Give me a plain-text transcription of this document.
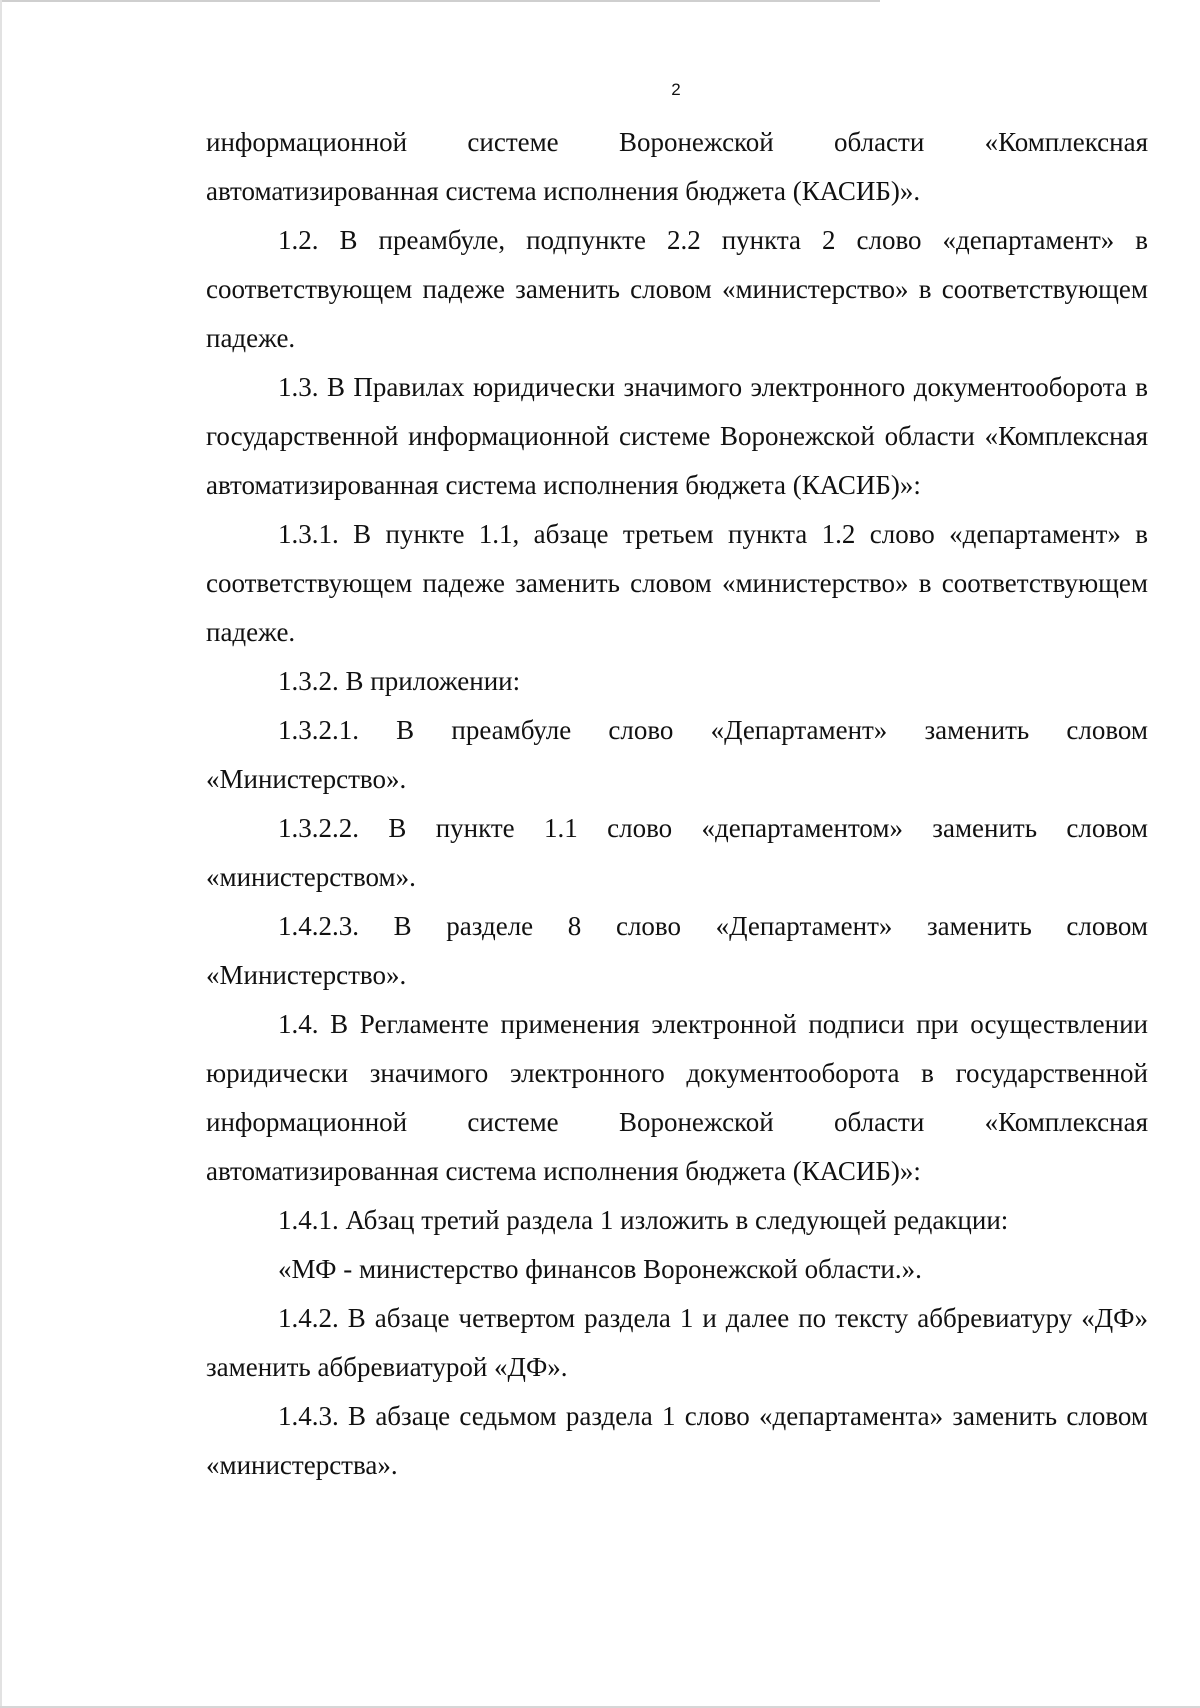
2

информационной системе Воронежской области «Комплексная автоматизированная система исполнения бюджета (КАСИБ)».

1.2. В преамбуле, подпункте 2.2 пункта 2 слово «департамент» в соответствующем падеже заменить словом «министерство» в соответствующем падеже.

1.3. В Правилах юридически значимого электронного документооборота в государственной информационной системе Воронежской области «Комплексная автоматизированная система исполнения бюджета (КАСИБ)»:

1.3.1. В пункте 1.1, абзаце третьем пункта 1.2 слово «департамент» в соответствующем падеже заменить словом «министерство» в соответствующем падеже.

1.3.2. В приложении:

1.3.2.1. В преамбуле слово «Департамент» заменить словом «Министерство».

1.3.2.2. В пункте 1.1 слово «департаментом» заменить словом «министерством».

1.4.2.3. В разделе 8 слово «Департамент» заменить словом «Министерство».

1.4. В Регламенте применения электронной подписи при осуществлении юридически значимого электронного документооборота в государственной информационной системе Воронежской области «Комплексная автоматизированная система исполнения бюджета (КАСИБ)»:

1.4.1. Абзац третий раздела 1 изложить в следующей редакции:

«МФ - министерство финансов Воронежской области.».

1.4.2. В абзаце четвертом раздела 1 и далее по тексту аббревиатуру «ДФ» заменить аббревиатурой «ДФ».

1.4.3. В абзаце седьмом раздела 1 слово «департамента» заменить словом «министерства».
